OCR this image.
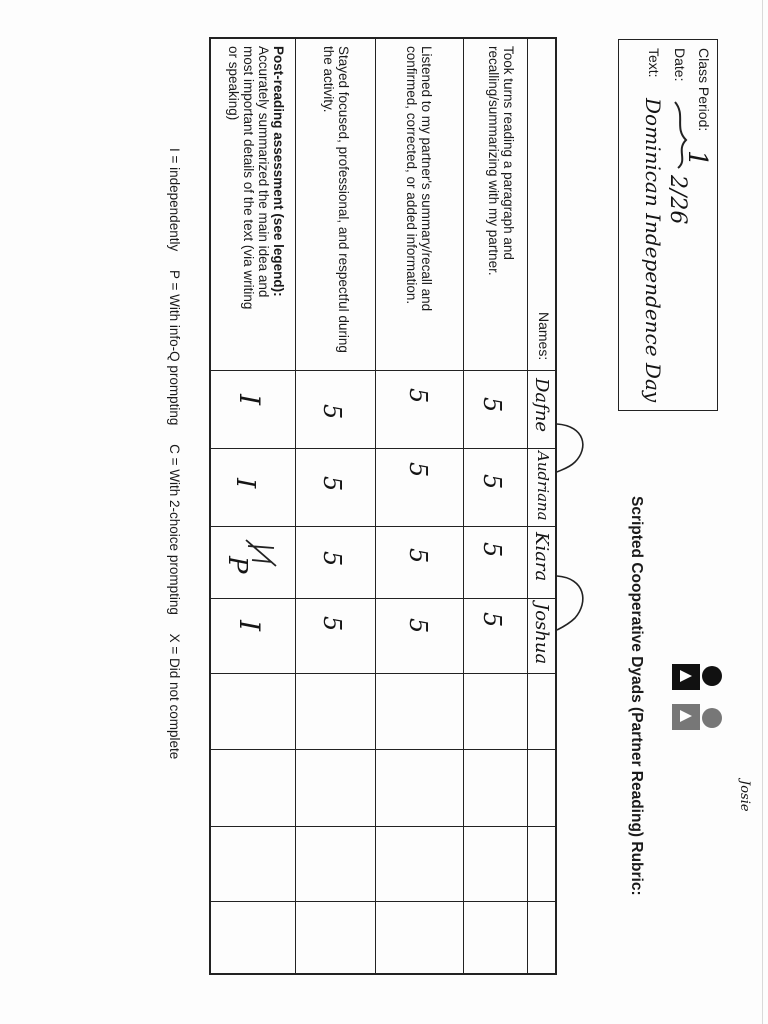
Class Period:
1
Date:
2/26
Text:
Dominican Independence Day
Scripted Cooperative Dyads (Partner Reading) Rubric:	Josie
Names:
Dafne
Audriana
Kiara
Joshua
Took turns reading a paragraph and recalling/summarizing with my partner.
Listened to my partner's summary/recall and confirmed, corrected, or added information.
Stayed focused, professional, and respectful during the activity.
Post-reading assessment (see legend): Accurately summarized the main idea and most important details of the text (via writing or speaking)
5
5
5
5
5
5
5
5
5
5
5
5
I
I
P
I
I = independently     P = With info-Q prompting     C = With 2-choice prompting     X = Did not complete
